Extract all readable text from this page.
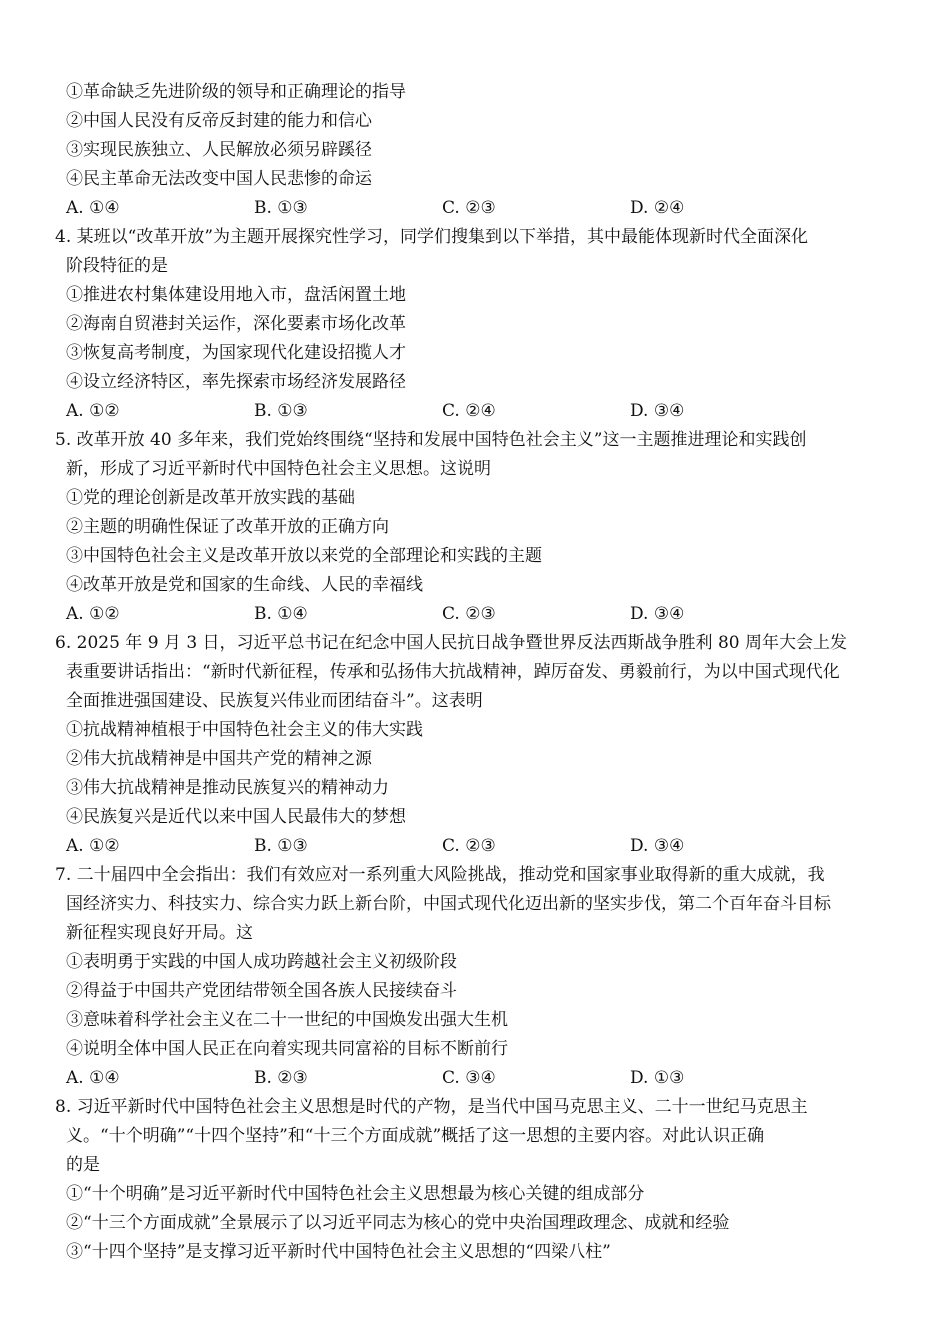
①革命缺乏先进阶级的领导和正确理论的指导
②中国人民没有反帝反封建的能力和信心
③实现民族独立、人民解放必须另辟蹊径
④民主革命无法改变中国人民悲惨的命运
A. ①④	B. ①③	C. ②③	D. ②④
4. 某班以“改革开放”为主题开展探究性学习，同学们搜集到以下举措，其中最能体现新时代全面深化
阶段特征的是
①推进农村集体建设用地入市，盘活闲置土地
②海南自贸港封关运作，深化要素市场化改革
③恢复高考制度，为国家现代化建设招揽人才
④设立经济特区，率先探索市场经济发展路径
A. ①②	B. ①③	C. ②④	D. ③④
5. 改革开放 40 多年来，我们党始终围绕“坚持和发展中国特色社会主义”这一主题推进理论和实践创
新，形成了习近平新时代中国特色社会主义思想。这说明
①党的理论创新是改革开放实践的基础
②主题的明确性保证了改革开放的正确方向
③中国特色社会主义是改革开放以来党的全部理论和实践的主题
④改革开放是党和国家的生命线、人民的幸福线
A. ①②	B. ①④	C. ②③	D. ③④
6. 2025 年 9 月 3 日，习近平总书记在纪念中国人民抗日战争暨世界反法西斯战争胜利 80 周年大会上发
表重要讲话指出：“新时代新征程，传承和弘扬伟大抗战精神，踔厉奋发、勇毅前行，为以中国式现代化
全面推进强国建设、民族复兴伟业而团结奋斗”。这表明
①抗战精神植根于中国特色社会主义的伟大实践
②伟大抗战精神是中国共产党的精神之源
③伟大抗战精神是推动民族复兴的精神动力
④民族复兴是近代以来中国人民最伟大的梦想
A. ①②	B. ①③	C. ②③	D. ③④
7. 二十届四中全会指出：我们有效应对一系列重大风险挑战，推动党和国家事业取得新的重大成就，我
国经济实力、科技实力、综合实力跃上新台阶，中国式现代化迈出新的坚实步伐，第二个百年奋斗目标
新征程实现良好开局。这
①表明勇于实践的中国人成功跨越社会主义初级阶段
②得益于中国共产党团结带领全国各族人民接续奋斗
③意味着科学社会主义在二十一世纪的中国焕发出强大生机
④说明全体中国人民正在向着实现共同富裕的目标不断前行
A. ①④	B. ②③	C. ③④	D. ①③
8. 习近平新时代中国特色社会主义思想是时代的产物，是当代中国马克思主义、二十一世纪马克思主
义。“十个明确”“十四个坚持”和“十三个方面成就”概括了这一思想的主要内容。对此认识正确
的是
①“十个明确”是习近平新时代中国特色社会主义思想最为核心关键的组成部分
②“十三个方面成就”全景展示了以习近平同志为核心的党中央治国理政理念、成就和经验
③“十四个坚持”是支撑习近平新时代中国特色社会主义思想的“四梁八柱”
